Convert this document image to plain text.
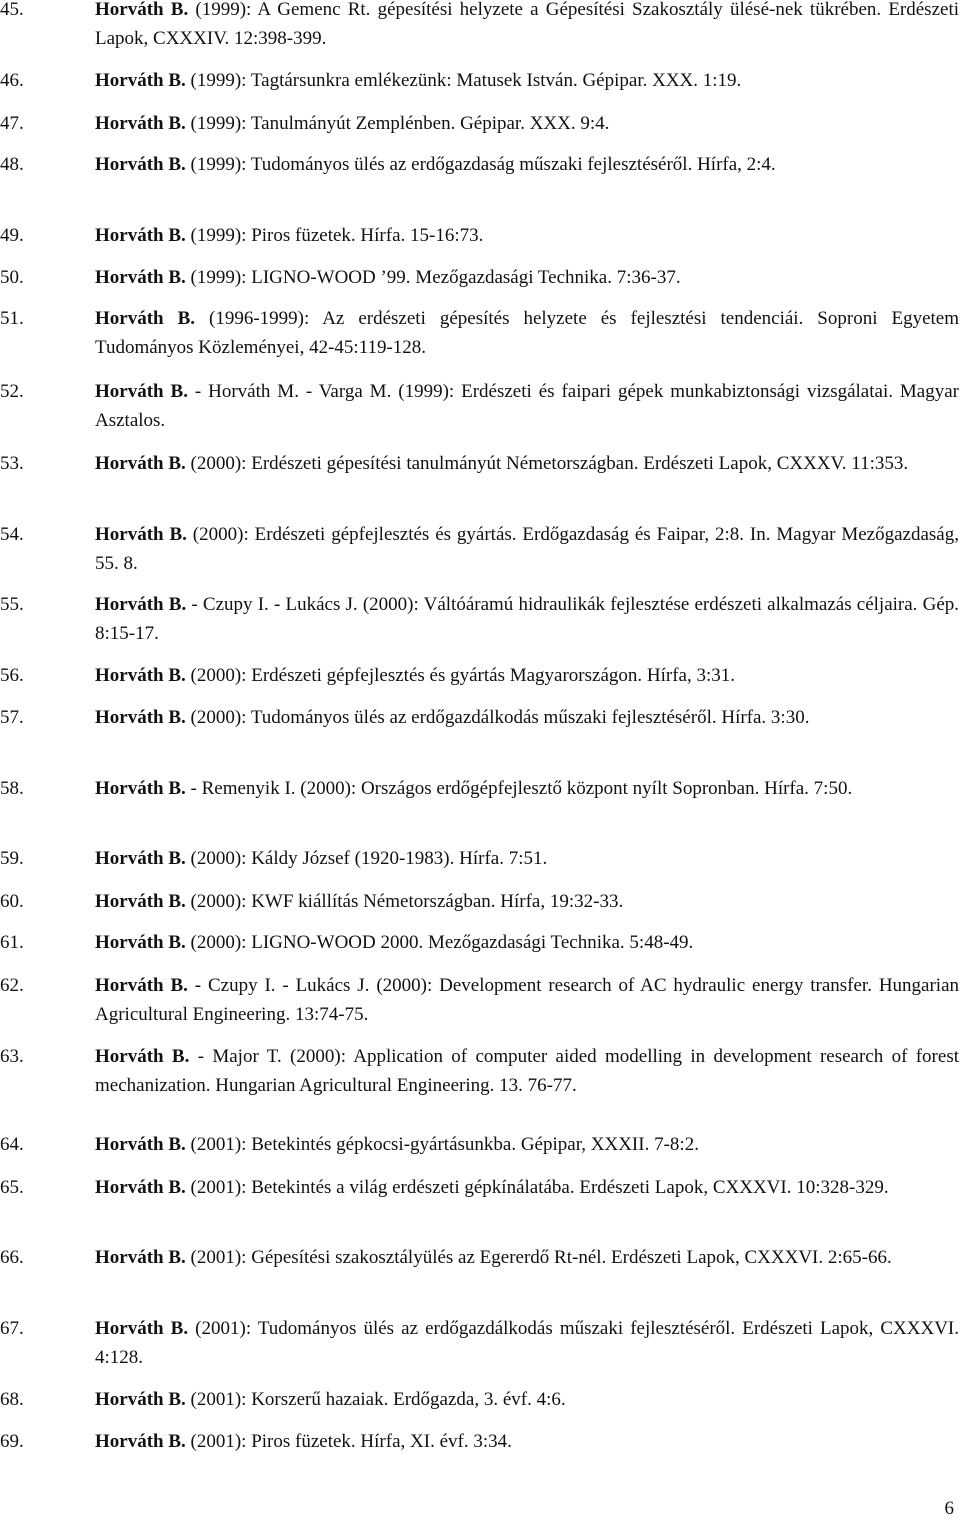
45.	Horváth B. (1999): A Gemenc Rt. gépesítési helyzete a Gépesítési Szakosztály ülésé-nek tükrében. Erdészeti Lapok, CXXXIV. 12:398-399.
46.	Horváth B. (1999): Tagtársunkra emlékezünk: Matusek István. Gépipar. XXX. 1:19.
47.	Horváth B. (1999): Tanulmányút Zemplénben. Gépipar. XXX. 9:4.
48.	Horváth B. (1999): Tudományos ülés az erdőgazdaság műszaki fejlesztéséről. Hírfa, 2:4.
49.	Horváth B. (1999): Piros füzetek. Hírfa. 15-16:73.
50.	Horváth B. (1999): LIGNO-WOOD ’99. Mezőgazdasági Technika. 7:36-37.
51.	Horváth B. (1996-1999): Az erdészeti gépesítés helyzete és fejlesztési tendenciái. Soproni Egyetem Tudományos Közleményei, 42-45:119-128.
52.	Horváth B. - Horváth M. - Varga M. (1999): Erdészeti és faipari gépek munkabiztonsági vizsgálatai. Magyar Asztalos.
53.	Horváth B. (2000): Erdészeti gépesítési tanulmányút Németországban. Erdészeti Lapok, CXXXV. 11:353.
54.	Horváth B. (2000): Erdészeti gépfejlesztés és gyártás. Erdőgazdaság és Faipar, 2:8. In. Magyar Mezőgazdaság, 55. 8.
55.	Horváth B. - Czupy I. - Lukács J. (2000): Váltóáramú hidraulikák fejlesztése erdészeti alkalmazás céljaira. Gép. 8:15-17.
56.	Horváth B. (2000): Erdészeti gépfejlesztés és gyártás Magyarországon. Hírfa, 3:31.
57.	Horváth B. (2000): Tudományos ülés az erdőgazdálkodás műszaki fejlesztéséről. Hírfa. 3:30.
58.	Horváth B. - Remenyik I. (2000): Országos erdőgépfejlesztő központ nyílt Sopronban. Hírfa. 7:50.
59.	Horváth B. (2000): Káldy József (1920-1983). Hírfa. 7:51.
60.	Horváth B. (2000): KWF kiállítás Németországban. Hírfa, 19:32-33.
61.	Horváth B. (2000): LIGNO-WOOD 2000. Mezőgazdasági Technika. 5:48-49.
62.	Horváth B. - Czupy I. - Lukács J. (2000): Development research of AC hydraulic energy transfer. Hungarian Agricultural Engineering. 13:74-75.
63.	Horváth B. - Major T. (2000): Application of computer aided modelling in development research of forest mechanization. Hungarian Agricultural Engineering. 13. 76-77.
64.	Horváth B. (2001): Betekintés gépkocsi-gyártásunkba. Gépipar, XXXII. 7-8:2.
65.	Horváth B. (2001): Betekintés a világ erdészeti gépkínálatába. Erdészeti Lapok, CXXXVI. 10:328-329.
66.	Horváth B. (2001): Gépesítési szakosztályülés az Egererdő Rt-nél. Erdészeti Lapok, CXXXVI. 2:65-66.
67.	Horváth B. (2001): Tudományos ülés az erdőgazdálkodás műszaki fejlesztéséről. Erdészeti Lapok, CXXXVI. 4:128.
68.	Horváth B. (2001): Korszerű hazaiak. Erdőgazda, 3. évf. 4:6.
69.	Horváth B. (2001): Piros füzetek. Hírfa, XI. évf. 3:34.
6
